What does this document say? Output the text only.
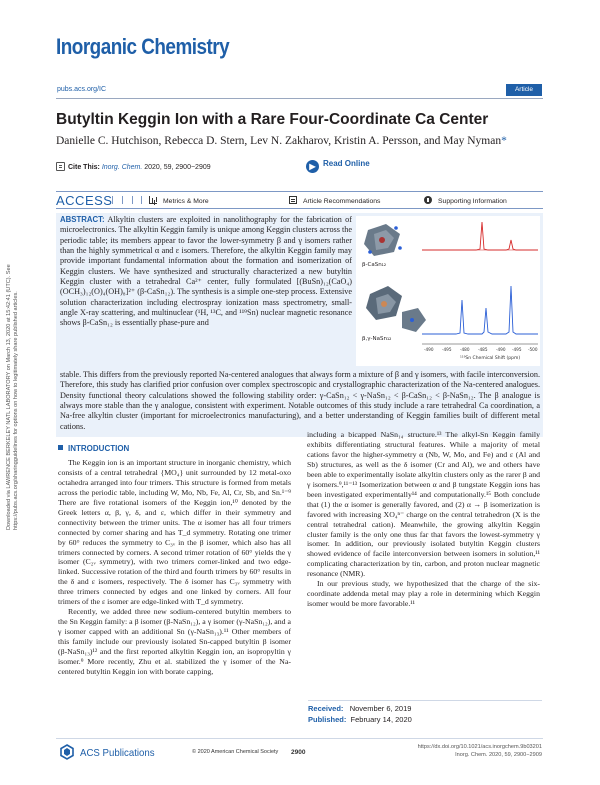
Downloaded via LAWRENCE BERKELEY NATL LABORATORY on March 13, 2020 at 15:42:41 (UTC). See https://pubs.acs.org/sharingguidelines for options on how to legitimately share published articles.
Inorganic Chemistry
pubs.acs.org/IC	Article
Butyltin Keggin Ion with a Rare Four-Coordinate Ca Center
Danielle C. Hutchison, Rebecca D. Stern, Lev N. Zakharov, Kristin A. Persson, and May Nyman*
Cite This: Inorg. Chem. 2020, 59, 2900−2909	▶ Read Online
ACCESS	Metrics & More	Article Recommendations	Supporting Information
ABSTRACT: Alkyltin clusters are exploited in nanolithography for the fabrication of microelectronics. The alkyltin Keggin family is unique among Keggin clusters across the periodic table; its members appear to favor the lower-symmetry β and γ isomers rather than the highly symmetrical α and ε isomers. Therefore, the alkyltin Keggin family may provide important fundamental information about the formation and isomerization of Keggin clusters. We have synthesized and structurally characterized a new butyltin Keggin cluster with a tetrahedral Ca²⁺ center, fully formulated [(BuSn)₁₂(CaO₄)(OCH₃)₁₂(O)₄(OH)₈]²⁺ (β-CaSn₁₂). The synthesis is a simple one-step process. Extensive solution characterization including electrospray ionization mass spectrometry, small-angle X-ray scattering, and multinuclear (¹H, ¹³C, and ¹¹⁹Sn) nuclear magnetic resonance shows β-CaSn₁₂ is essentially phase-pure and
stable. This differs from the previously reported Na-centered analogues that always form a mixture of β and γ isomers, with facile interconversion. Therefore, this study has clarified prior confusion over complex spectroscopic and crystallographic characterization of the Na-centered analogues. Density functional theory calculations showed the following stability order: γ-CaSn₁₂ < γ-NaSn₁₂ < β-CaSn₁₂ < β-NaSn₁₂. The β analogue is always more stable than the γ analogue, consistent with experiment. Notable outcomes of this study include a rare tetrahedral Ca coordination, a Na-free alkyltin cluster (important for microelectronics manufacturing), and a better understanding of Keggin families built of different metal cations.
β-CaSn₁₂
β,γ-NaSn₁₂
-490 -495 -480 -485 -490 -495 -500
¹¹⁹Sn Chemical Shift (ppm)
INTRODUCTION

The Keggin ion is an important structure in inorganic chemistry, which consists of a central tetrahedral {MO₄} unit surrounded by 12 metal-oxo octahedra arranged into four trimers. This structure is formed from metals across the periodic table, including W, Mo, Nb, Fe, Al, Cr, Sb, and Sn.¹⁻⁹ There are five rotational isomers of the Keggin ion,¹⁰ denoted by the Greek letters α, β, γ, δ, and ε, which differ in their symmetry and connectivity between the trimer units. The α isomer has all four trimers connected by corner sharing and has T_d symmetry. Rotating one trimer by 60° reduces the symmetry to C₃ᵥ in the β isomer, which also has all trimers connected by corners. A second trimer rotation of 60° yields the γ isomer (C₂ᵥ symmetry), with two trimers corner-linked and two edge-linked. Successive rotation of the third and fourth trimers by 60° results in the δ and ε isomers, respectively. The δ isomer has C₃ᵥ symmetry with three trimers connected by edges and one linked by corners. All four trimers of the ε isomer are edge-linked with T_d symmetry.

Recently, we added three new sodium-centered butyltin members to the Sn Keggin family: a β isomer (β-NaSn₁₂), a γ isomer (γ-NaSn₁₂), and a γ isomer capped with an additional Sn (γ-NaSn₁₃).¹¹ Other members of this family include our previously isolated Sn-capped butyltin β isomer (β-NaSn₁₃)¹² and the first reported alkyltin Keggin ion, an isopropyltin γ isomer.⁹ More recently, Zhu et al. stabilized the γ isomer of the Na-centered butyltin Keggin ion with borate capping,

including a bicapped NaSn₁₄ structure.¹³ The alkyl-Sn Keggin family exhibits differentiating structural features. While a majority of metal cations favor the higher-symmetry α (Nb, W, Mo, and Fe) and ε (Al and Sb) structures, as well as the δ isomer (Cr and Al), we and others have been able to experimentally isolate alkyltin clusters only as the rarer β and γ isomers.⁹,¹¹⁻¹³ Isomerization between α and β tungstate Keggin ions has been investigated experimentally¹⁴ and computationally.¹⁵ Both conclude that (1) the α isomer is generally favored, and (2) α → β isomerization is favored with increasing XO₄ⁿ⁻ charge on the central tetrahedron (X is the central tetrahedral cation). Meanwhile, the growing alkyltin Keggin cluster family is the only one thus far that favors the lowest-symmetry γ isomer. In addition, our previously isolated butyltin Keggin clusters showed evidence of facile interconversion between isomers in solution,¹¹ complicating characterization by tin, carbon, and proton nuclear magnetic resonance (NMR).

In our previous study, we hypothesized that the charge of the six-coordinate addenda metal may play a role in determining which Keggin isomer would be more favorable.¹¹

Received: November 6, 2019
Published: February 14, 2020
ACS Publications	© 2020 American Chemical Society 2900
https://dx.doi.org/10.1021/acs.inorgchem.9b03201
Inorg. Chem. 2020, 59, 2900−2909
